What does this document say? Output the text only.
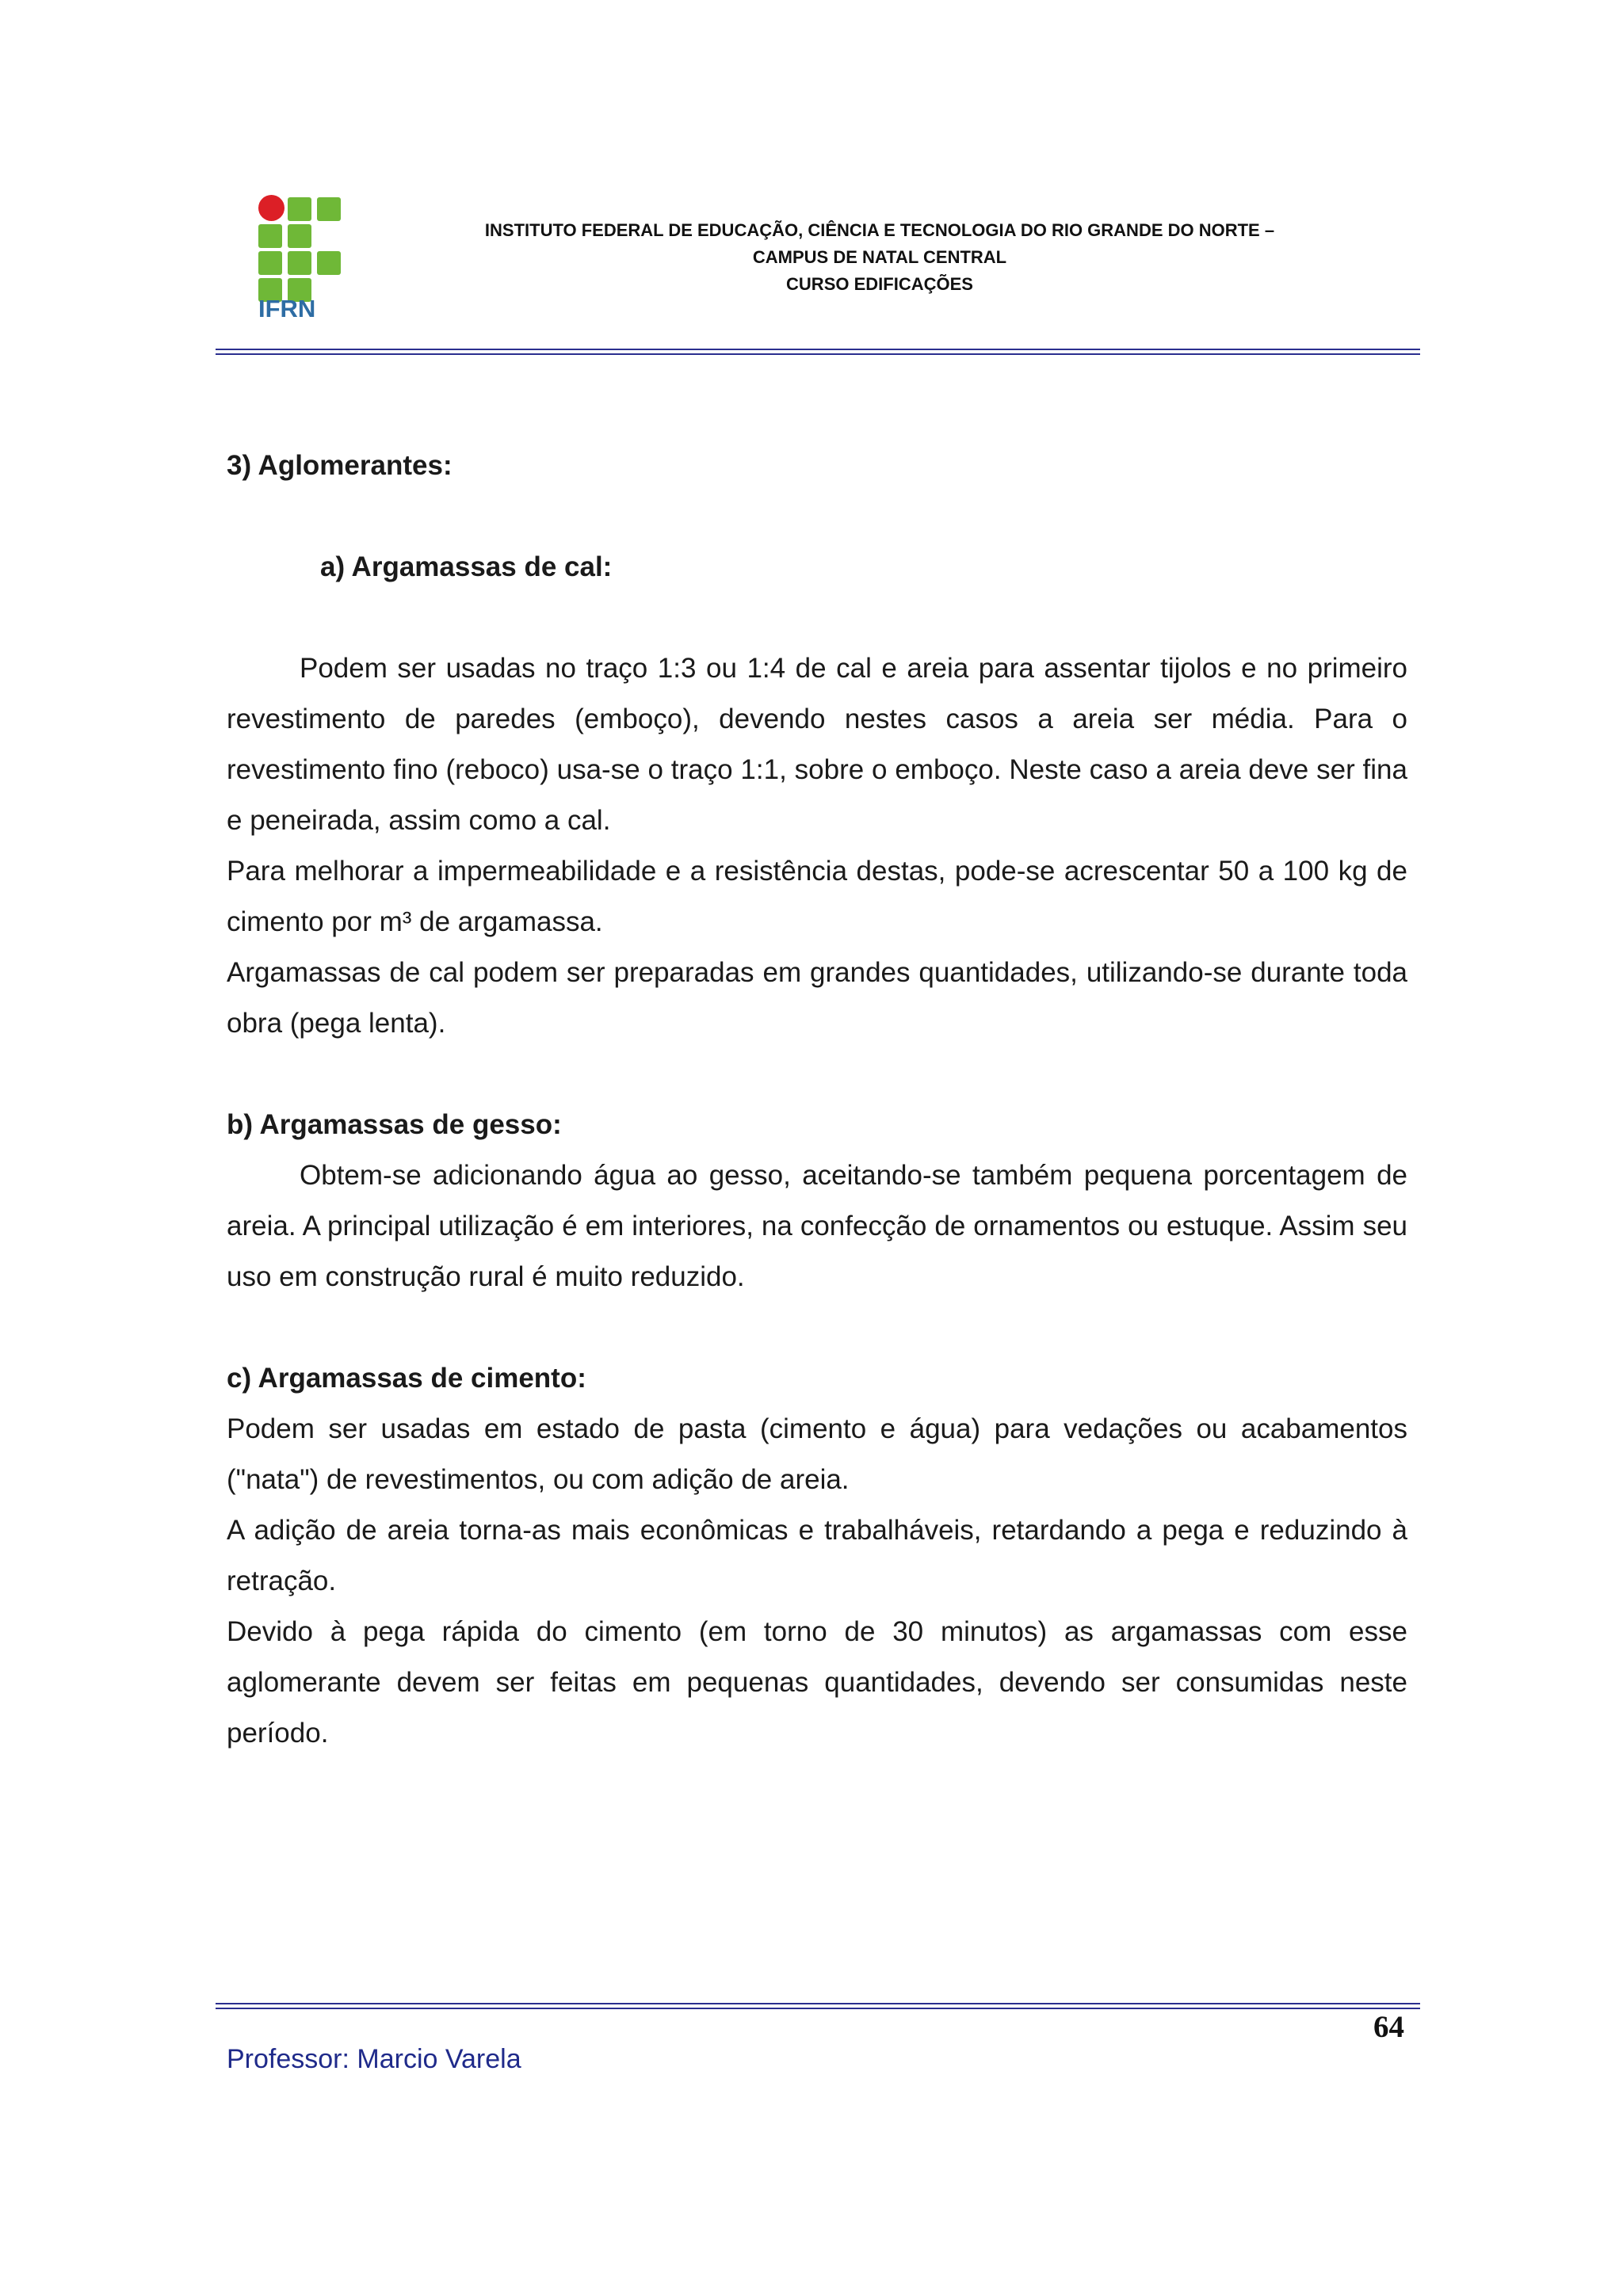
IFRN
INSTITUTO FEDERAL DE EDUCAÇÃO, CIÊNCIA E TECNOLOGIA DO RIO GRANDE DO NORTE –
CAMPUS DE NATAL CENTRAL
CURSO EDIFICAÇÕES

3) Aglomerantes:

a) Argamassas de cal:

Podem ser usadas no traço 1:3 ou 1:4 de cal e areia para assentar tijolos e no primeiro revestimento de paredes (emboço), devendo nestes casos a areia ser média. Para o revestimento fino (reboco) usa-se o traço 1:1, sobre o emboço. Neste caso a areia deve ser fina e peneirada, assim como a cal.

Para melhorar a impermeabilidade e a resistência destas, pode-se acrescentar 50 a 100 kg de cimento por m³ de argamassa.

Argamassas de cal podem ser preparadas em grandes quantidades, utilizando-se durante toda obra (pega lenta).

b) Argamassas de gesso:

Obtem-se adicionando água ao gesso, aceitando-se também pequena porcentagem de areia. A principal utilização é em interiores, na confecção de ornamentos ou estuque. Assim seu uso em construção rural é muito reduzido.

c) Argamassas de cimento:

Podem ser usadas em estado de pasta (cimento e água) para vedações ou acabamentos ("nata") de revestimentos, ou com adição de areia.

A adição de areia torna-as mais econômicas e trabalháveis, retardando a pega e reduzindo à retração.

Devido à pega rápida do cimento (em torno de 30 minutos) as argamassas com esse aglomerante devem ser feitas em pequenas quantidades, devendo ser consumidas neste período.

64
Professor: Marcio Varela
